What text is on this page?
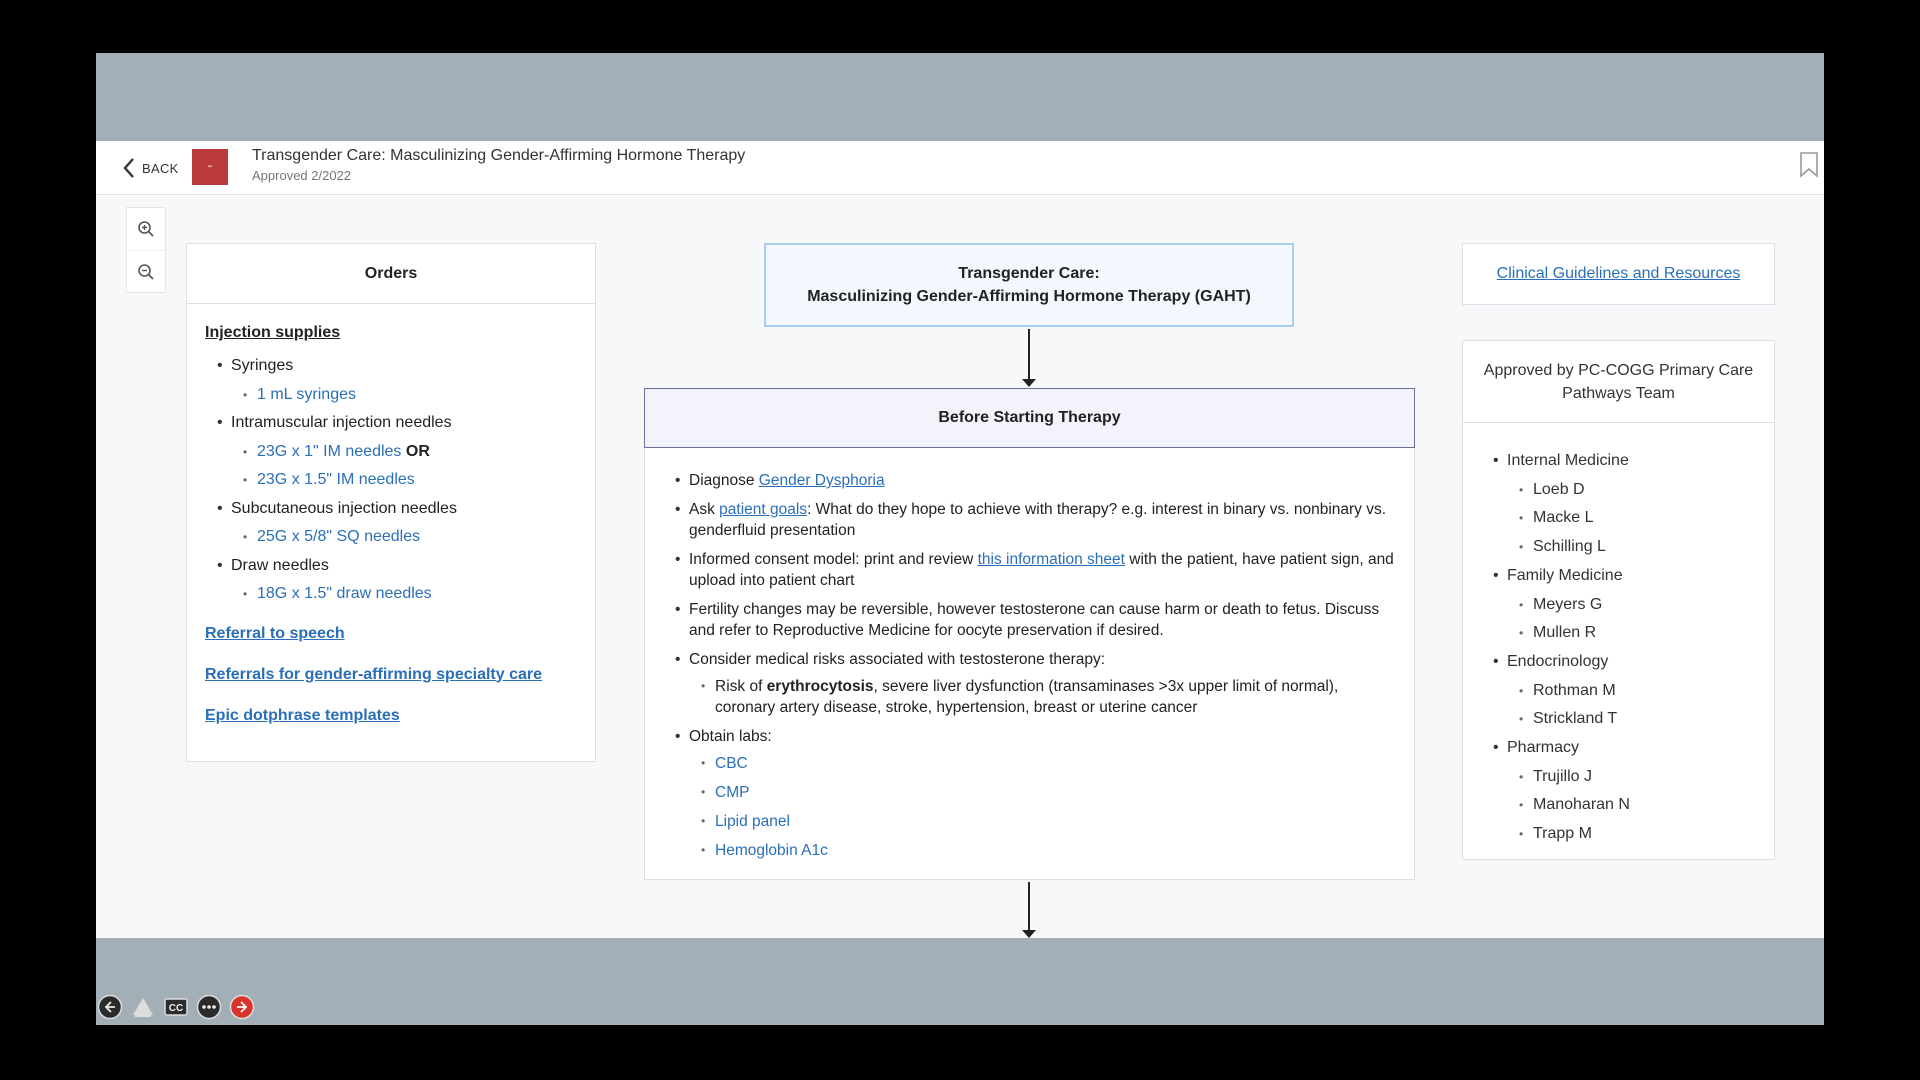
BACK	▪▪
Transgender Care: Masculinizing Gender-Affirming Hormone Therapy
Approved 2/2022
Orders
Injection supplies
• Syringes
• 1 mL syringes
• Intramuscular injection needles
• 23G x 1" IM needles OR
• 23G x 1.5" IM needles
• Subcutaneous injection needles
• 25G x 5/8" SQ needles
• Draw needles
• 18G x 1.5" draw needles
Referral to speech
Referrals for gender-affirming specialty care
Epic dotphrase templates
Transgender Care:
Masculinizing Gender-Affirming Hormone Therapy (GAHT)
Before Starting Therapy
• Diagnose Gender Dysphoria
• Ask patient goals: What do they hope to achieve with therapy? e.g. interest in binary vs. nonbinary vs. genderfluid presentation
• Informed consent model: print and review this information sheet with the patient, have patient sign, and upload into patient chart
• Fertility changes may be reversible, however testosterone can cause harm or death to fetus. Discuss and refer to Reproductive Medicine for oocyte preservation if desired.
• Consider medical risks associated with testosterone therapy:
• Risk of erythrocytosis, severe liver dysfunction (transaminases >3x upper limit of normal), coronary artery disease, stroke, hypertension, breast or uterine cancer
• Obtain labs:
• CBC
• CMP
• Lipid panel
• Hemoglobin A1c
Clinical Guidelines and Resources
Approved by PC-COGG Primary Care Pathways Team
• Internal Medicine
• Loeb D
• Macke L
• Schilling L
• Family Medicine
• Meyers G
• Mullen R
• Endocrinology
• Rothman M
• Strickland T
• Pharmacy
• Trujillo J
• Manoharan N
• Trapp M
CC
